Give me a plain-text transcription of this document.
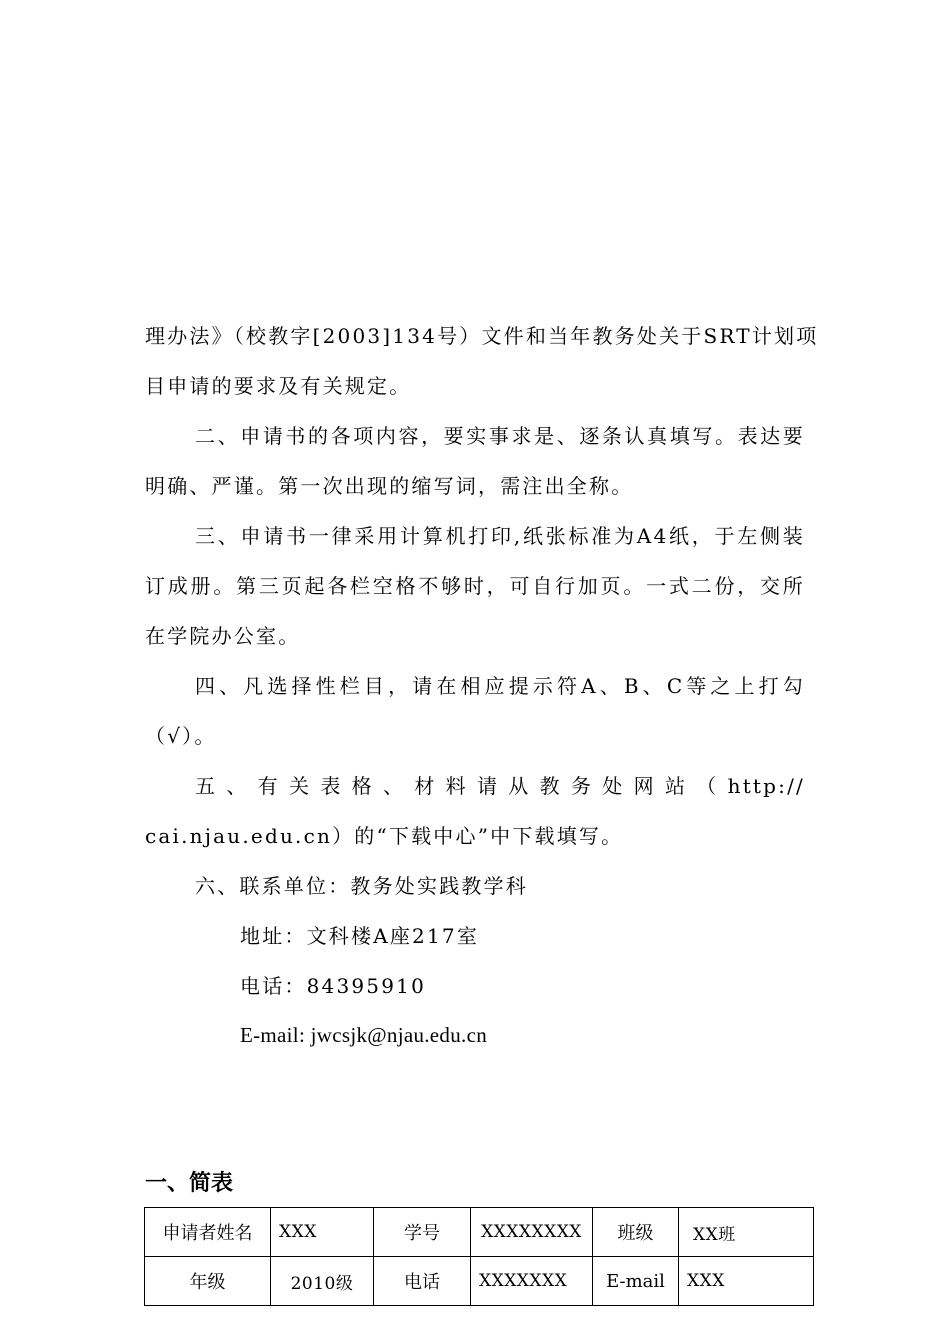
理办法》（校教字[2003]134号）文件和当年教务处关于SRT计划项

目申请的要求及有关规定。

二、申请书的各项内容，要实事求是、逐条认真填写。表达要

明确、严谨。第一次出现的缩写词，需注出全称。

三、申请书一律采用计算机打印,纸张标准为A4纸，于左侧装

订成册。第三页起各栏空格不够时，可自行加页。一式二份，交所

在学院办公室。

四、凡选择性栏目，请在相应提示符A、B、C等之上打勾

（√）。

五、有关表格、材料请从教务处网站（http://

cai.njau.edu.cn）的“下载中心”中下载填写。

六、联系单位：教务处实践教学科

地址：文科楼A座217室

电话：84395910

E-mail: jwcsjk@njau.edu.cn

一、简表
申请者姓名	XXX	学号	XXXXXXXX	班级	XX班
年级	2010级	电话	XXXXXXX	E-mail	XXX
